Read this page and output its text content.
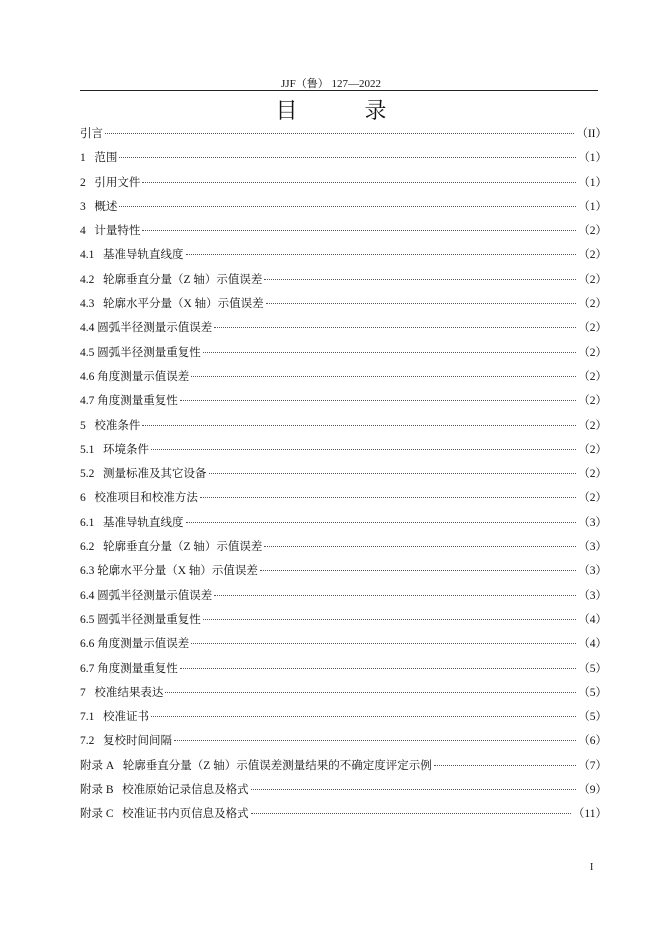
JJF（鲁） 127—2022
目 录
引言	（II）
1   范围	（1）
2   引用文件	（1）
3   概述	（1）
4   计量特性	（2）
4.1   基准导轨直线度	（2）
4.2   轮廓垂直分量（Z 轴）示值误差	（2）
4.3   轮廓水平分量（X 轴）示值误差	（2）
4.4 圆弧半径测量示值误差	（2）
4.5 圆弧半径测量重复性	（2）
4.6 角度测量示值误差	（2）
4.7 角度测量重复性	（2）
5   校准条件	（2）
5.1   环境条件	（2）
5.2   测量标准及其它设备	（2）
6   校准项目和校准方法	（2）
6.1   基准导轨直线度	（3）
6.2   轮廓垂直分量（Z 轴）示值误差	（3）
6.3 轮廓水平分量（X 轴）示值误差	（3）
6.4 圆弧半径测量示值误差	（3）
6.5 圆弧半径测量重复性	（4）
6.6 角度测量示值误差	（4）
6.7 角度测量重复性	（5）
7   校准结果表达	（5）
7.1   校准证书	（5）
7.2   复校时间间隔	（6）
附录 A   轮廓垂直分量（Z 轴）示值误差测量结果的不确定度评定示例	（7）
附录 B   校准原始记录信息及格式	（9）
附录 C   校准证书内页信息及格式	（11）
I
